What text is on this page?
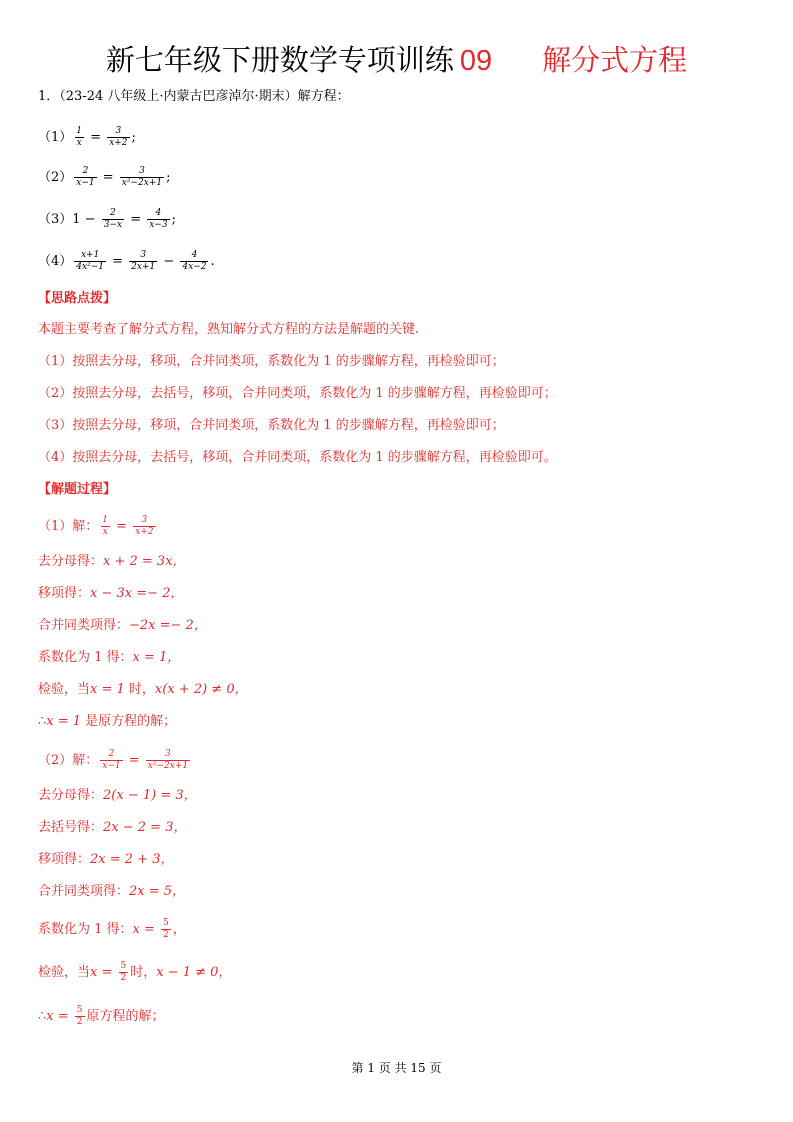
新七年级下册数学专项训练 09 解分式方程
1．（23-24 八年级上·内蒙古巴彦淖尔·期末）解方程：
$(1) \frac{1}{x} = \frac{3}{x+2}$ ;
$(2) \frac{2}{x-1} = \frac{3}{\text{x²−2x+1}}$ ;
$(3)1 - \frac{2}{3-x} = \frac{4}{x-3}$ ;
$(4) \frac{x+1}{\text{4x²−1}} = \frac{3}{2x+1} - \frac{4}{4x-2}$ .
【思路点拨】
本题主要考查了解分式方程，熟知解分式方程的方法是解题的关键.
（1）按照去分母，移项，合并同类项，系数化为 1 的步骤解方程，再检验即可；
（2）按照去分母，去括号，移项，合并同类项，系数化为 1 的步骤解方程，再检验即可；
（3）按照去分母，移项，合并同类项，系数化为 1 的步骤解方程，再检验即可；
（4）按照去分母，去括号，移项，合并同类项，系数化为 1 的步骤解方程，再检验即可。
【解题过程】
（1）解： $\frac{1}{x} = \frac{3}{x+2}$
去分母得：x + 2 = 3x，
移项得：x − 3x =− 2，
合并同类项得：−2x =− 2，
系数化为 1 得：x = 1，
检验，当x = 1 时，x(x + 2) ≠ 0，
∴x = 1 是原方程的解；
（2）解： $\frac{2}{x-1} = \frac{3}{\text{x²−2x+1}}$
去分母得：2(x − 1) = 3，
去括号得：2x − 2 = 3，
移项得：2x = 2 + 3，
合并同类项得：2x = 5，
系数化为 1 得：$x = \frac{5}{2}$ ，
检验，当$x = \frac{5}{2}$ 时，x − 1 ≠ 0，
∴x = $\frac{5}{2}$ 原方程的解；
第 1 页 共 15 页
